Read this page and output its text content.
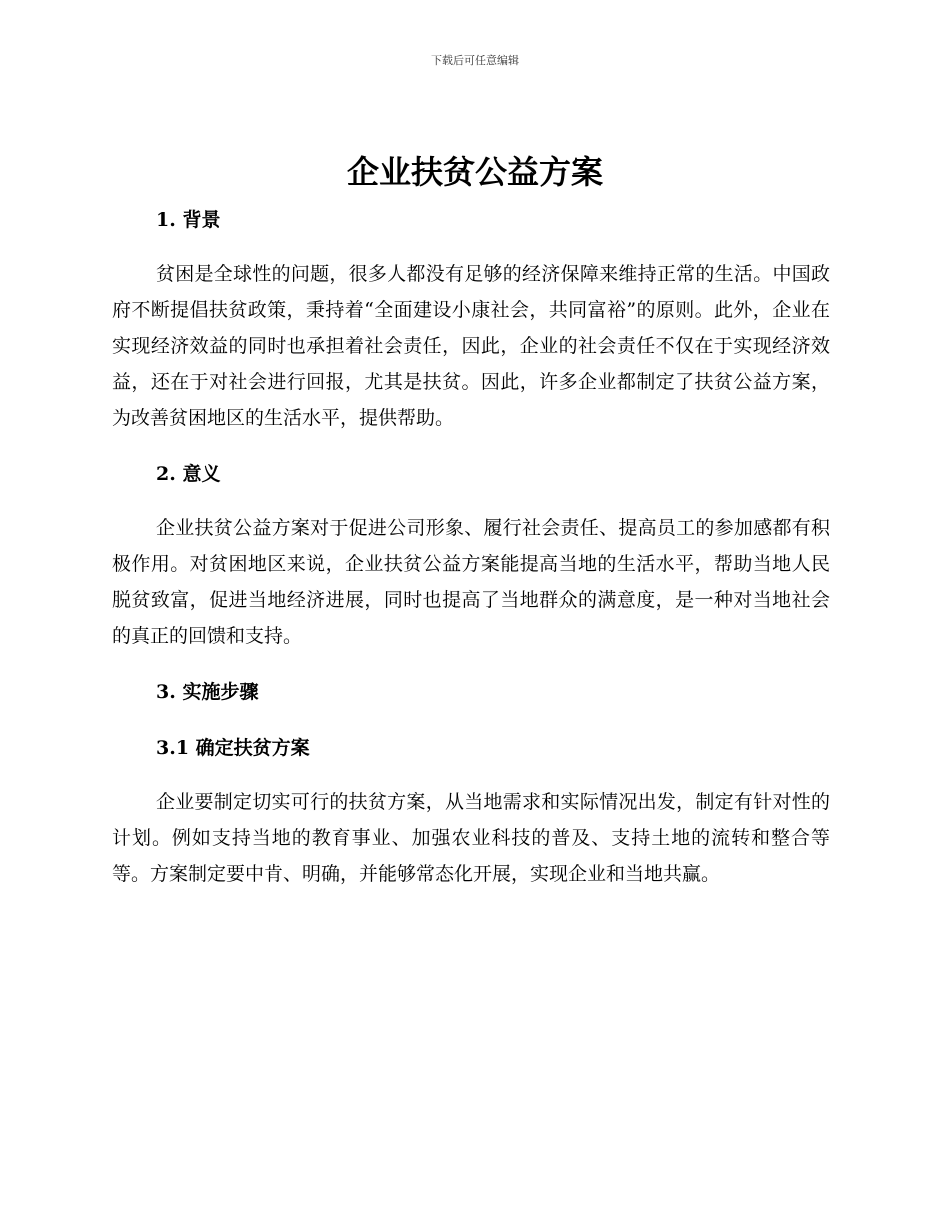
下载后可任意编辑
企业扶贫公益方案
1. 背景

贫困是全球性的问题，很多人都没有足够的经济保障来维持正常的生活。中国政府不断提倡扶贫政策，秉持着“全面建设小康社会，共同富裕”的原则。此外，企业在实现经济效益的同时也承担着社会责任，因此，企业的社会责任不仅在于实现经济效益，还在于对社会进行回报，尤其是扶贫。因此，许多企业都制定了扶贫公益方案，为改善贫困地区的生活水平，提供帮助。

2. 意义

企业扶贫公益方案对于促进公司形象、履行社会责任、提高员工的参加感都有积极作用。对贫困地区来说，企业扶贫公益方案能提高当地的生活水平，帮助当地人民脱贫致富，促进当地经济进展，同时也提高了当地群众的满意度，是一种对当地社会的真正的回馈和支持。

3. 实施步骤
3.1 确定扶贫方案

企业要制定切实可行的扶贫方案，从当地需求和实际情况出发，制定有针对性的计划。例如支持当地的教育事业、加强农业科技的普及、支持土地的流转和整合等等。方案制定要中肯、明确，并能够常态化开展，实现企业和当地共赢。
